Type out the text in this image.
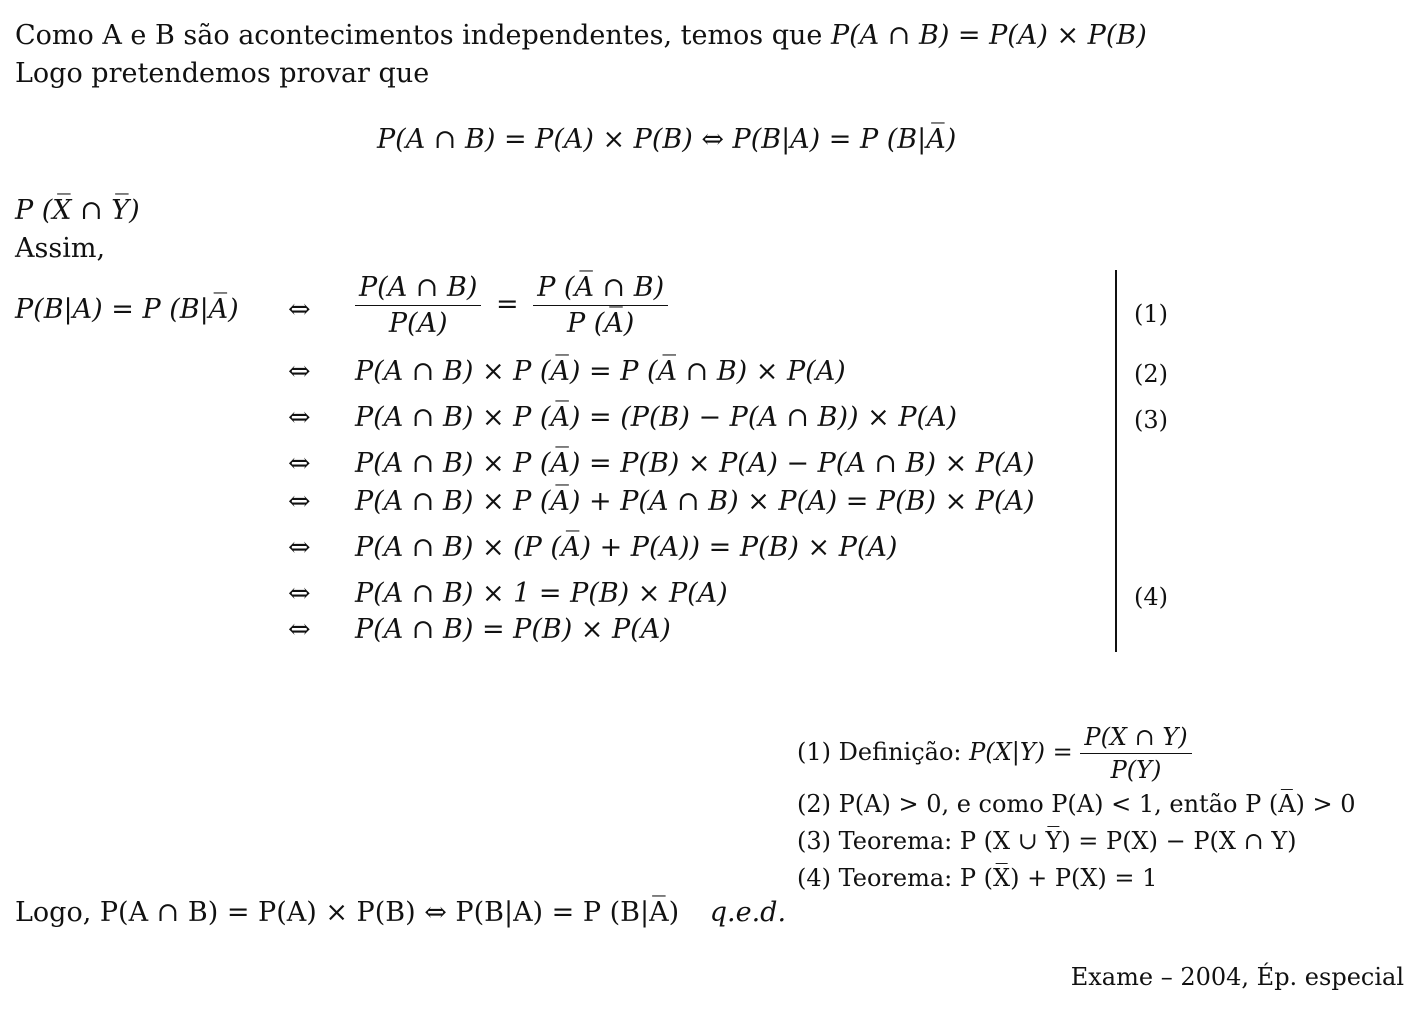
Como A e B são acontecimentos independentes, temos que P(A ∩ B) = P(A) × P(B)
Logo pretendemos provar que
P(A ∩ B) = P(A) × P(B) ⇔ P(B|A) = P (B|A̅)
P (X̅ ∩ Y̅)
Assim,
P(B|A) = P (B|A̅) ⇔ $\frac{P(A \cap B)}{P(A)} = \frac{P (A̅ \cap B)}{P (A̅)}$
⇔ P(A ∩ B) × P (A̅) = P (A̅ ∩ B) × P(A)
⇔ P(A ∩ B) × P (A̅) = (P(B) − P(A ∩ B)) × P(A)
⇔ P(A ∩ B) × P (A̅) = P(B) × P(A) − P(A ∩ B) × P(A)
⇔ P(A ∩ B) × P (A̅) + P(A ∩ B) × P(A) = P(B) × P(A)
⇔ P(A ∩ B) × (P (A̅) + P(A)) = P(B) × P(A)
⇔ P(A ∩ B) × 1 = P(B) × P(A)
⇔ P(A ∩ B) = P(B) × P(A)
(1)
(2)
(3)
(4)
(1) Definição: $P(X|Y) = \frac{P(X \cap Y)}{P(Y)}$
(2) P(A) > 0, e como P(A) < 1, então P (A̅) > 0
(3) Teorema: P (X ∪ Y̅) = P(X) − P(X ∩ Y)
(4) Teorema: P (X̅) + P(X) = 1
Logo, P(A ∩ B) = P(A) × P(B) ⇔ P(B|A) = P (B|A̅) q.e.d.
Exame – 2004, Ép. especial
